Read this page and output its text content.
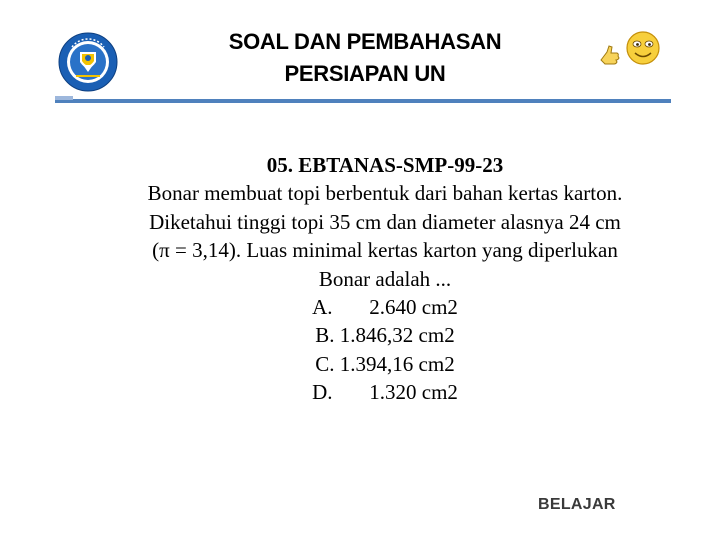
SOAL DAN PEMBAHASAN
PERSIAPAN UN
05. EBTANAS-SMP-99-23
Bonar membuat topi berbentuk dari bahan kertas karton.
Diketahui tinggi topi 35 cm dan diameter alasnya 24 cm
(π = 3,14). Luas minimal kertas karton yang diperlukan
Bonar adalah ...
A.       2.640 cm2
B. 1.846,32 cm2
C. 1.394,16 cm2
D.       1.320 cm2
BELAJAR
